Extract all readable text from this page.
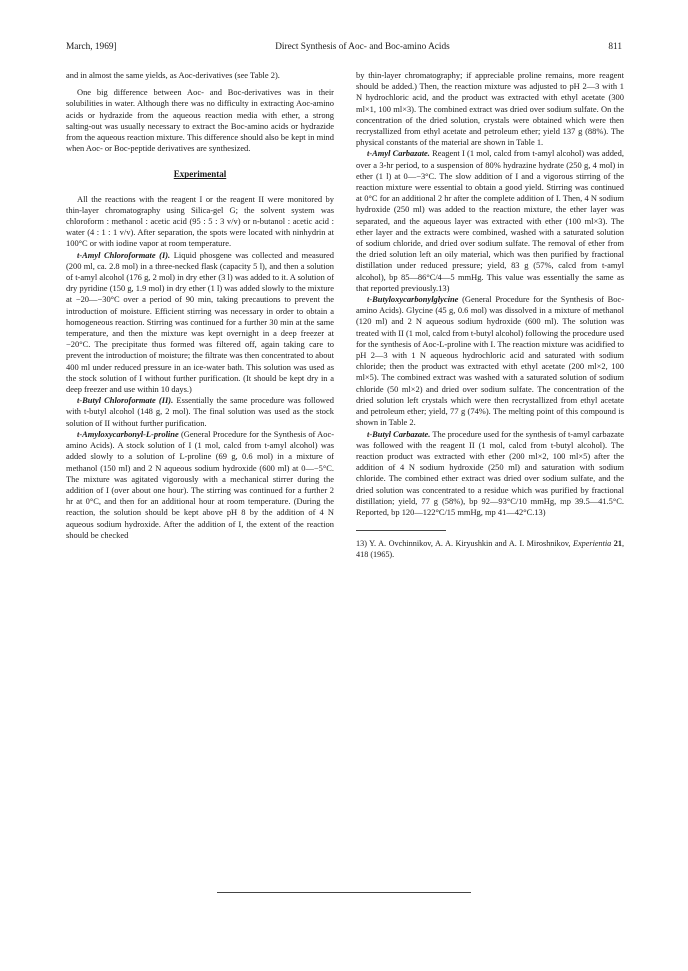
March, 1969]	Direct Synthesis of Aoc- and Boc-amino Acids	811

and in almost the same yields, as Aoc-derivatives (see Table 2).

One big difference between Aoc- and Boc-derivatives was in their solubilities in water. Although there was no difficulty in extracting Aoc-amino acids or hydrazide from the aqueous reaction media with ether, a strong salting-out was usually necessary to extract the Boc-amino acids or hydrazide from the aqueous reaction mixture. This difference should also be kept in mind when Aoc- or Boc-peptide derivatives are synthesized.

Experimental

All the reactions with the reagent I or the reagent II were monitored by thin-layer chromatography using Silica-gel G; the solvent system was chloroform : methanol : acetic acid (95 : 5 : 3 v/v) or n-butanol : acetic acid : water (4 : 1 : 1 v/v). After separation, the spots were located with ninhydrin at 100°C or with iodine vapor at room temperature.

t-Amyl Chloroformate (I). Liquid phosgene was collected and measured (200 ml, ca. 2.8 mol) in a three-necked flask (capacity 5 l), and then a solution of t-amyl alcohol (176 g, 2 mol) in dry ether (3 l) was added to it. A solution of dry pyridine (150 g, 1.9 mol) in dry ether (1 l) was added slowly to the mixture at −20—−30°C over a period of 90 min, taking precautions to prevent the introduction of moisture. Efficient stirring was necessary in order to obtain a homogeneous reaction. Stirring was continued for a further 30 min at the same temperature, and then the mixture was kept overnight in a deep freezer at −20°C. The precipitate thus formed was filtered off, again taking care to prevent the introduction of moisture; the filtrate was then concentrated to about 400 ml under reduced pressure in an ice-water bath. This solution was used as the stock solution of I without further purification. (It should be kept dry in a deep freezer and use within 10 days.)

t-Butyl Chloroformate (II). Essentially the same procedure was followed with t-butyl alcohol (148 g, 2 mol). The final solution was used as the stock solution of II without further purification.

t-Amyloxycarbonyl-L-proline (General Procedure for the Synthesis of Aoc-amino Acids). A stock solution of I (1 mol, calcd from t-amyl alcohol) was added slowly to a solution of L-proline (69 g, 0.6 mol) in a mixture of methanol (150 ml) and 2 N aqueous sodium hydroxide (600 ml) at 0—−5°C. The mixture was agitated vigorously with a mechanical stirrer during the addition of I (over about one hour). The stirring was continued for a further 2 hr at 0°C, and then for an additional hour at room temperature. (During the reaction, the solution should be kept above pH 8 by the addition of 4 N aqueous sodium hydroxide. After the addition of I, the extent of the reaction should be checked

by thin-layer chromatography; if appreciable proline remains, more reagent should be added.) Then, the reaction mixture was adjusted to pH 2—3 with 1 N hydrochloric acid, and the product was extracted with ethyl acetate (300 ml×1, 100 ml×3). The combined extract was dried over sodium sulfate. On the concentration of the dried solution, crystals were obtained which were then recrystallized from ethyl acetate and petroleum ether; yield 137 g (88%). The physical constants of the material are shown in Table 1.

t-Amyl Carbazate. Reagent I (1 mol, calcd from t-amyl alcohol) was added, over a 3-hr period, to a suspension of 80% hydrazine hydrate (250 g, 4 mol) in ether (1 l) at 0—−3°C. The slow addition of I and a vigorous stirring of the reaction mixture were essential to obtain a good yield. Stirring was continued at 0°C for an additional 2 hr after the complete addition of I. Then, 4 N sodium hydroxide (250 ml) was added to the reaction mixture, the ether layer was separated, and the aqueous layer was extracted with ether (100 ml×3). The ether layer and the extracts were combined, washed with a saturated solution of sodium chloride, and dried over sodium sulfate. The removal of ether from the dried solution left an oily material, which was then purified by fractional distillation under reduced pressure; yield, 83 g (57%, calcd from t-amyl alcohol), bp 85—86°C/4—5 mmHg. This value was essentially the same as that reported previously.13)

t-Butyloxycarbonylglycine (General Procedure for the Synthesis of Boc-amino Acids). Glycine (45 g, 0.6 mol) was dissolved in a mixture of methanol (120 ml) and 2 N aqueous sodium hydroxide (600 ml). The solution was treated with II (1 mol, calcd from t-butyl alcohol) following the procedure used for the synthesis of Aoc-L-proline with I. The reaction mixture was acidified to pH 2—3 with 1 N aqueous hydrochloric acid and saturated with sodium chloride; then the product was extracted with ethyl acetate (200 ml×2, 100 ml×5). The combined extract was washed with a saturated solution of sodium chloride (50 ml×2) and dried over sodium sulfate. The concentration of the dried solution left crystals which were then recrystallized from ethyl acetate and petroleum ether; yield, 77 g (74%). The melting point of this compound is shown in Table 2.

t-Butyl Carbazate. The procedure used for the synthesis of t-amyl carbazate was followed with the reagent II (1 mol, calcd from t-butyl alcohol). The reaction product was extracted with ether (200 ml×2, 100 ml×5) after the addition of 4 N sodium hydroxide (250 ml) and saturation with sodium chloride. The combined ether extract was dried over sodium sulfate, and the dried solution was concentrated to a residue which was purified by fractional distillation; yield, 77 g (58%), bp 92—93°C/10 mmHg, mp 39.5—41.5°C. Reported, bp 120—122°C/15 mmHg, mp 41—42°C.13)

13) Y. A. Ovchinnikov, A. A. Kiryushkin and A. I. Miroshnikov, Experientia 21, 418 (1965).
